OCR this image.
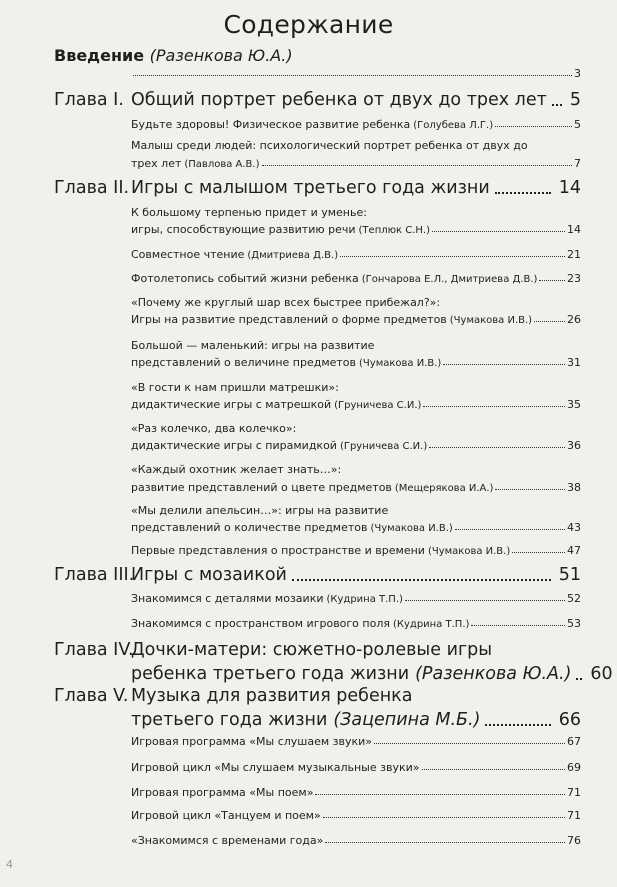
Содержание
Введение (Разенкова Ю.А.)
3
Глава I. Общий портрет ребенка от двух до трех лет 5
Будьте здоровы! Физическое развитие ребенка (Голубева Л.Г.)	5
Малыш среди людей: психологический портрет ребенка от двух до
трех лет (Павлова А.В.)	7
Глава II. Игры с малышом третьего года жизни	14
К большому терпенью придет и уменье:
игры, способствующие развитию речи (Теплюк С.Н.)	14
Совместное чтение (Дмитриева Д.В.)	21
Фотолетопись событий жизни ребенка (Гончарова Е.Л., Дмитриева Д.В.)	23
«Почему же круглый шар всех быстрее прибежал?»:
Игры на развитие представлений о форме предметов (Чумакова И.В.)	26
Большой — маленький: игры на развитие
представлений о величине предметов (Чумакова И.В.)	31
«В гости к нам пришли матрешки»:
дидактические игры с матрешкой (Груничева С.И.)	35
«Раз колечко, два колечко»:
дидактические игры с пирамидкой (Груничева С.И.)	36
«Каждый охотник желает знать…»:
развитие представлений о цвете предметов (Мещерякова И.А.)	38
«Мы делили апельсин…»: игры на развитие
представлений о количестве предметов (Чумакова И.В.)	43
Первые представления о пространстве и времени (Чумакова И.В.)	47
Глава III.
Игры с мозаикой	51
Знакомимся с деталями мозаики (Кудрина Т.П.)	52
Знакомимся с пространством игрового поля (Кудрина Т.П.)	53
Глава IV.
Дочки-матери: сюжетно-ролевые игры
ребенка третьего года жизни (Разенкова Ю.А.) 60
Глава V. Музыка для развития ребенка
третьего года жизни (Зацепина М.Б.)	66
Игровая программа «Мы слушаем звуки»	67
Игровой цикл «Мы слушаем музыкальные звуки»	69
Игровая программа «Мы поем»	71
Игровой цикл «Танцуем и поем»	71
«Знакомимся с временами года»	76
4
